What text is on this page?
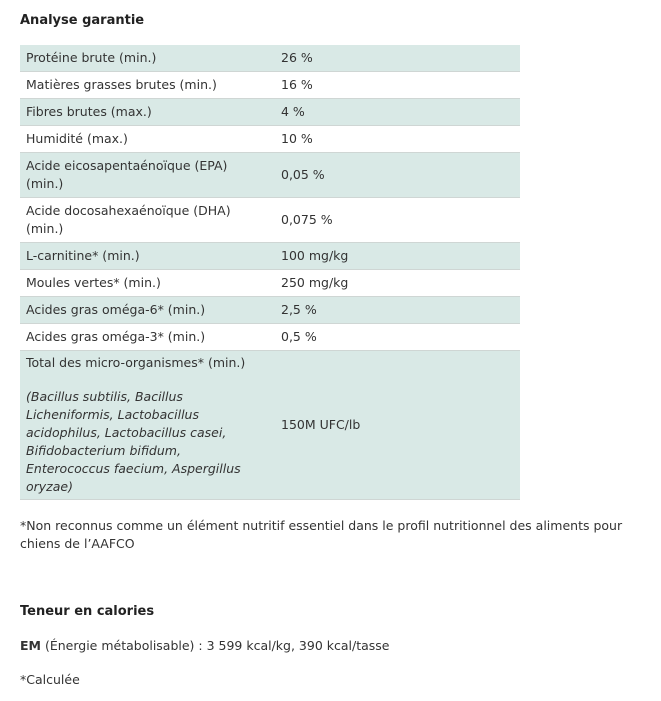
Analyse garantie
Protéine brute (min.)	26 %
Matières grasses brutes (min.)	16 %
Fibres brutes (max.)	4 %
Humidité (max.)	10 %
Acide eicosapentaénoïque (EPA) (min.)	0,05 %
Acide docosahexaénoïque (DHA) (min.)	0,075 %
L-carnitine* (min.)	100 mg/kg
Moules vertes* (min.)	250 mg/kg
Acides gras oméga-6* (min.)	2,5 %
Acides gras oméga-3* (min.)	0,5 %
Total des micro-organismes* (min.)
(Bacillus subtilis, Bacillus Licheniformis, Lactobacillus acidophilus, Lactobacillus casei, Bifidobacterium bifidum, Enterococcus faecium, Aspergillus oryzae)	150M UFC/lb

*Non reconnus comme un élément nutritif essentiel dans le profil nutritionnel des aliments pour chiens de l’AAFCO

Teneur en calories

EM (Énergie métabolisable) : 3 599 kcal/kg, 390 kcal/tasse

*Calculée
